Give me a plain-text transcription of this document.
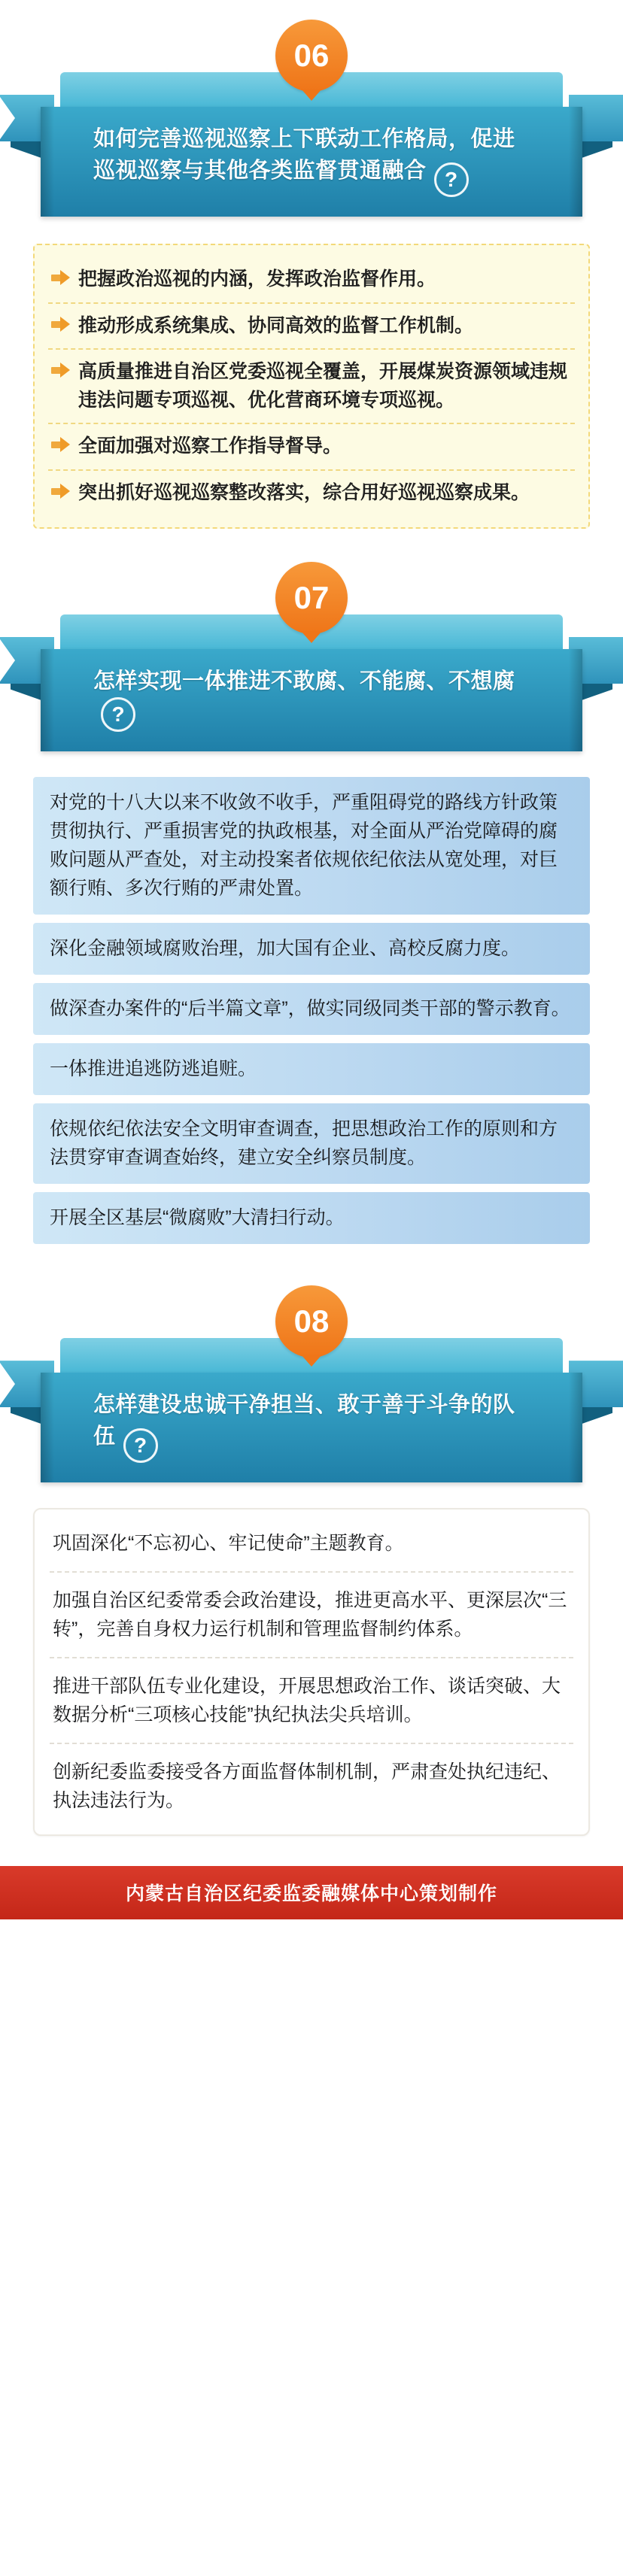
06
如何完善巡视巡察上下联动工作格局，促进巡视巡察与其他各类监督贯通融合 ?
把握政治巡视的内涵，发挥政治监督作用。
推动形成系统集成、协同高效的监督工作机制。
高质量推进自治区党委巡视全覆盖，开展煤炭资源领域违规违法问题专项巡视、优化营商环境专项巡视。
全面加强对巡察工作指导督导。
突出抓好巡视巡察整改落实，综合用好巡视巡察成果。
07
怎样实现一体推进不敢腐、不能腐、不想腐?
对党的十八大以来不收敛不收手，严重阻碍党的路线方针政策贯彻执行、严重损害党的执政根基，对全面从严治党障碍的腐败问题从严查处，对主动投案者依规依纪依法从宽处理，对巨额行贿、多次行贿的严肃处置。
深化金融领域腐败治理，加大国有企业、高校反腐力度。
做深查办案件的“后半篇文章”，做实同级同类干部的警示教育。
一体推进追逃防逃追赃。
依规依纪依法安全文明审查调查，把思想政治工作的原则和方法贯穿审查调查始终，建立安全纠察员制度。
开展全区基层“微腐败”大清扫行动。
08
怎样建设忠诚干净担当、敢于善于斗争的队伍 ?
巩固深化“不忘初心、牢记使命”主题教育。
加强自治区纪委常委会政治建设，推进更高水平、更深层次“三转”，完善自身权力运行机制和管理监督制约体系。
推进干部队伍专业化建设，开展思想政治工作、谈话突破、大数据分析“三项核心技能”执纪执法尖兵培训。
创新纪委监委接受各方面监督体制机制，严肃查处执纪违纪、执法违法行为。
内蒙古自治区纪委监委融媒体中心策划制作
